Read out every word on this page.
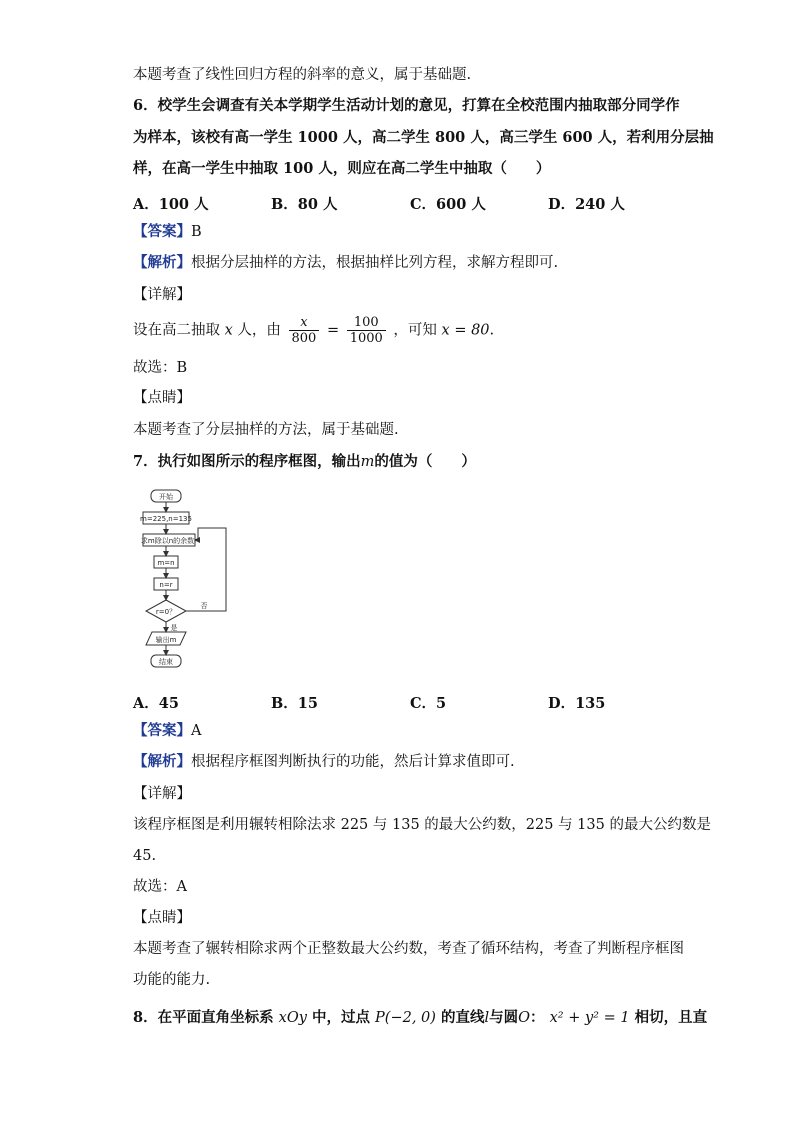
本题考查了线性回归方程的斜率的意义，属于基础题.
6．校学生会调查有关本学期学生活动计划的意见，打算在全校范围内抽取部分同学作
为样本，该校有高一学生 1000 人，高二学生 800 人，高三学生 600 人，若利用分层抽
样，在高一学生中抽取 100 人，则应在高二学生中抽取（　　）
A．100 人	B．80 人	C．600 人	D．240 人
【答案】B
【解析】根据分层抽样的方法，根据抽样比列方程，求解方程即可.
【详解】
设在高二抽取 x 人，由 $\frac{x}{800} = \frac{100}{1000}$ ，可知 x = 80.
故选：B
【点睛】
本题考查了分层抽样的方法，属于基础题.
7．执行如图所示的程序框图，输出m的值为（　　）
开始
m=225,n=135
求m除以n的余数r
m=n
n=r
r=0？
否
是
输出m
结束
A．45	B．15	C．5	D．135
【答案】A
【解析】根据程序框图判断执行的功能，然后计算求值即可.
【详解】
该程序框图是利用辗转相除法求 225 与 135 的最大公约数，225 与 135 的最大公约数是
45.
故选：A
【点睛】
本题考查了辗转相除求两个正整数最大公约数，考查了循环结构，考查了判断程序框图
功能的能力.
8．在平面直角坐标系 xOy 中，过点 P(−2, 0) 的直线l与圆O： x² + y² = 1 相切，且直
